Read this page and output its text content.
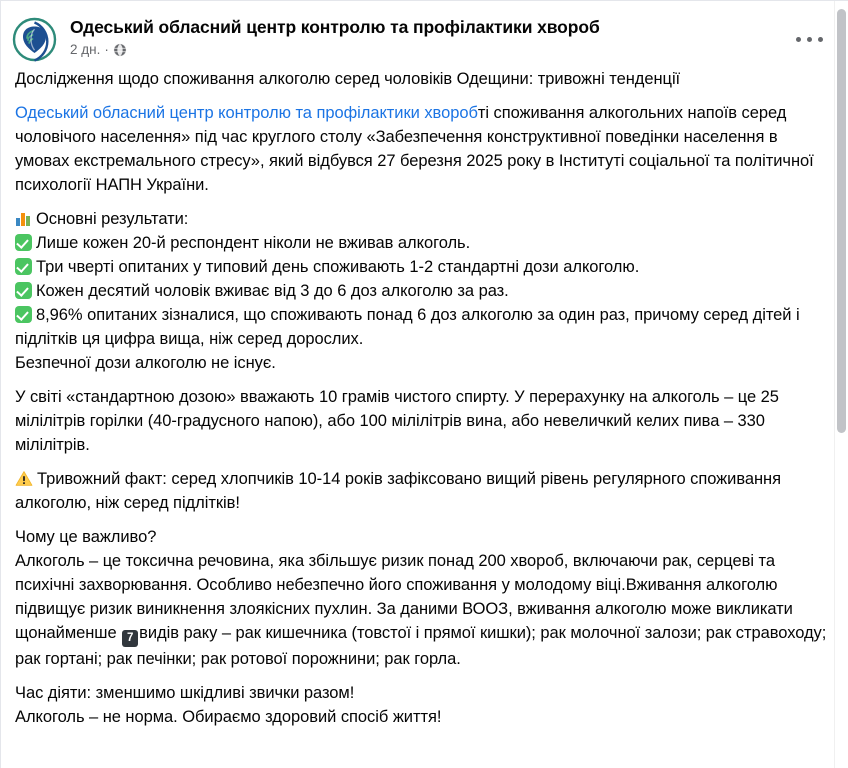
Одеський обласний центр контролю та профілактики хвороб
2 дн. ·

Дослідження щодо споживання алкоголю серед чоловіків Одещини: тривожні тенденції

Одеський обласний центр контролю та профілактики хворобті споживання алкогольних напоїв серед чоловічого населення» під час круглого столу «Забезпечення конструктивної поведінки населення в умовах екстремального стресу», який відбувся 27 березня 2025 року в Інституті соціальної та політичної психології НАПН України.

Основні результати:

Лише кожен 20-й респондент ніколи не вживав алкоголь.

Три чверті опитаних у типовий день споживають 1-2 стандартні дози алкоголю.

Кожен десятий чоловік вживає від 3 до 6 доз алкоголю за раз.

8,96% опитаних зізналися, що споживають понад 6 доз алкоголю за один раз, причому серед дітей і підлітків ця цифра вища, ніж серед дорослих.

Безпечної дози алкоголю не існує.

У світі «стандартною дозою» вважають 10 грамів чистого спирту. У перерахунку на алкоголь – це 25 мілілітрів горілки (40-градусного напою), або 100 мілілітрів вина, або невеличкий келих пива – 330 мілілітрів.

Тривожний факт: серед хлопчиків 10-14 років зафіксовано вищий рівень регулярного споживання алкоголю, ніж серед підлітків!

Чому це важливо?

Алкоголь – це токсична речовина, яка збільшує ризик понад 200 хвороб, включаючи рак, серцеві та психічні захворювання. Особливо небезпечно його споживання у молодому віці.Вживання алкоголю підвищує ризик виникнення злоякісних пухлин. За даними ВООЗ, вживання алкоголю може викликати щонайменше 7 видів раку – рак кишечника (товстої і прямої кишки); рак молочної залози; рак стравоходу; рак гортані; рак печінки; рак ротової порожнини; рак горла.

Час діяти: зменшимо шкідливі звички разом!

Алкоголь – не норма. Обираємо здоровий спосіб життя!
